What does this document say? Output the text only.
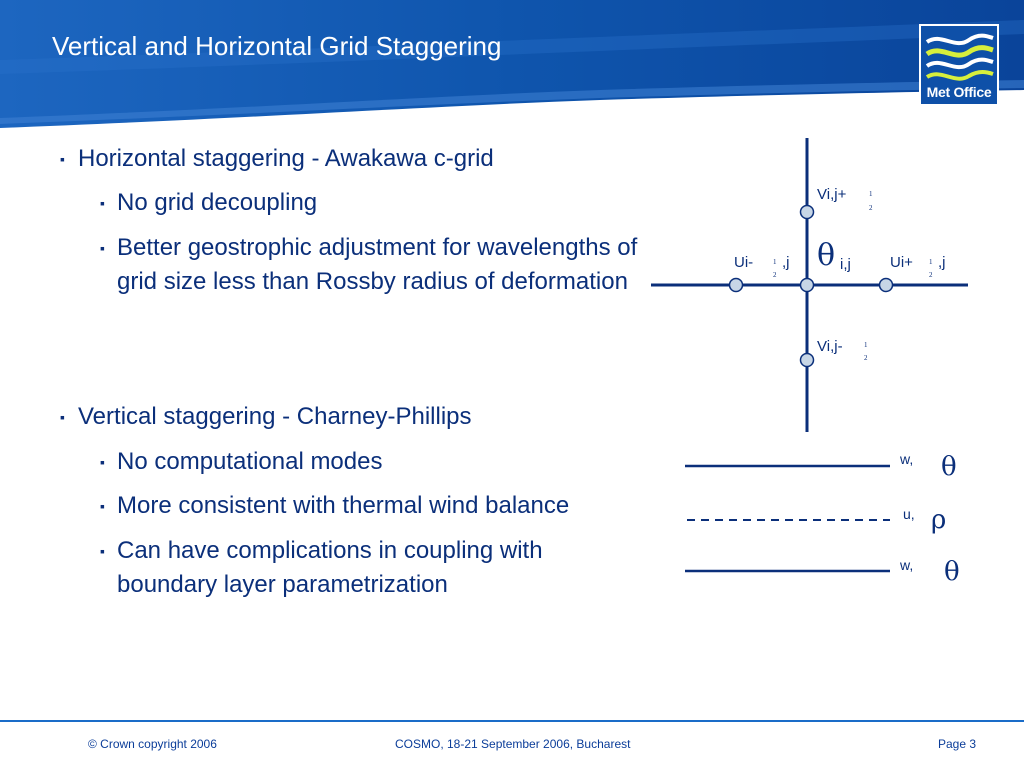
Vertical and Horizontal Grid Staggering
Met Office
▪ Horizontal staggering - Awakawa c-grid
▪ No grid decoupling
▪ Better geostrophic adjustment for wavelengths of grid size less than Rossby radius of deformation
▪ Vertical staggering - Charney-Phillips
▪ No computational modes
▪ More consistent with thermal wind balance
▪ Can have complications in coupling with boundary layer parametrization
Vi,j+	1
2
Vi,j-	1
2
Ui-	1
2
,j θ i,j	Ui+ 1
2
,j
w, θ
u, ρ
w, θ
© Crown copyright 2006	COSMO, 18-21 September 2006, Bucharest	Page 3
